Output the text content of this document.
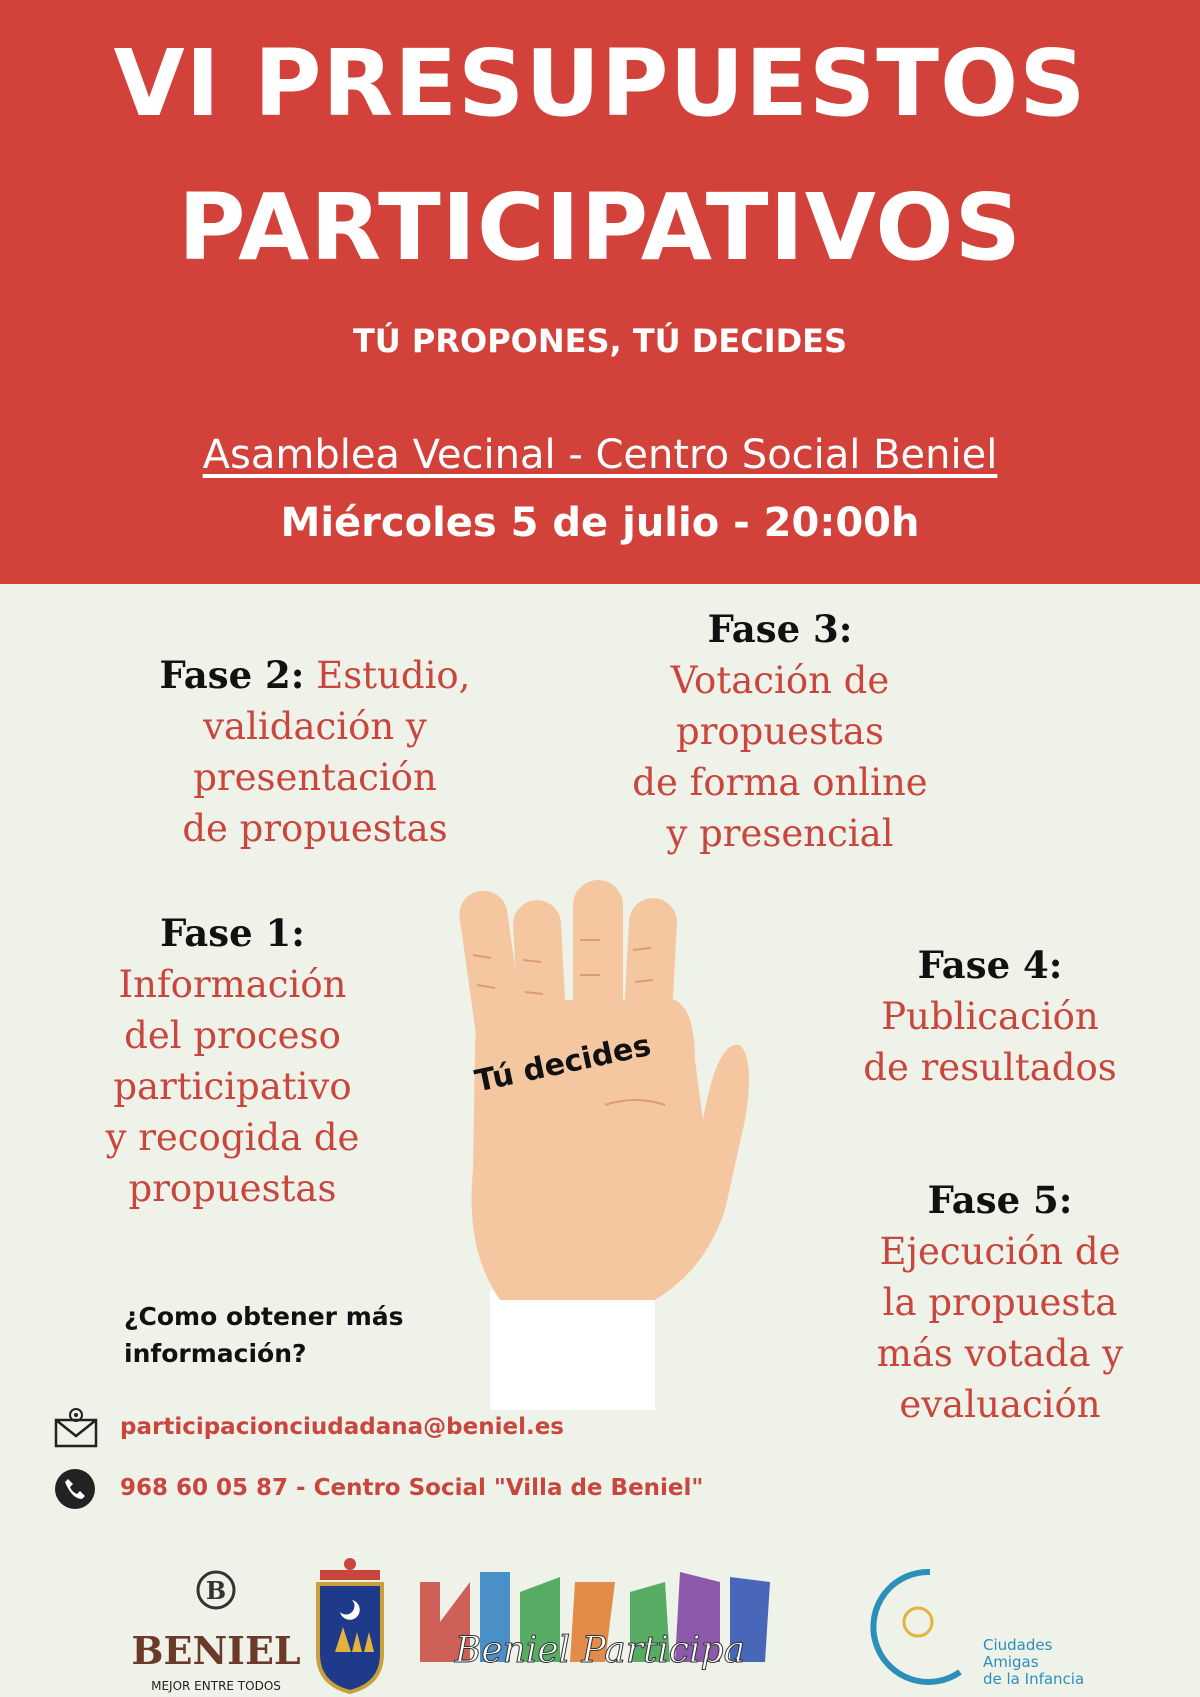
VI PRESUPUESTOS
PARTICIPATIVOS
TÚ PROPONES, TÚ DECIDES
Asamblea Vecinal - Centro Social Beniel
Miércoles 5 de julio - 20:00h
Fase 2: Estudio,
validación y
presentación
de propuestas
Fase 3:
Votación de
propuestas
de forma online
y presencial
Fase 1:
Información
del proceso
participativo
y recogida de
propuestas
Fase 4:
Publicación
de resultados
Fase 5:
Ejecución de
la propuesta
más votada y
evaluación
Tú decides
¿Como obtener más
información?
participacionciudadana@beniel.es
968 60 05 87 - Centro Social "Villa de Beniel"
B
BENIEL
MEJOR ENTRE TODOS
Beniel Participa	Ciudades
Amigas
de la Infancia
